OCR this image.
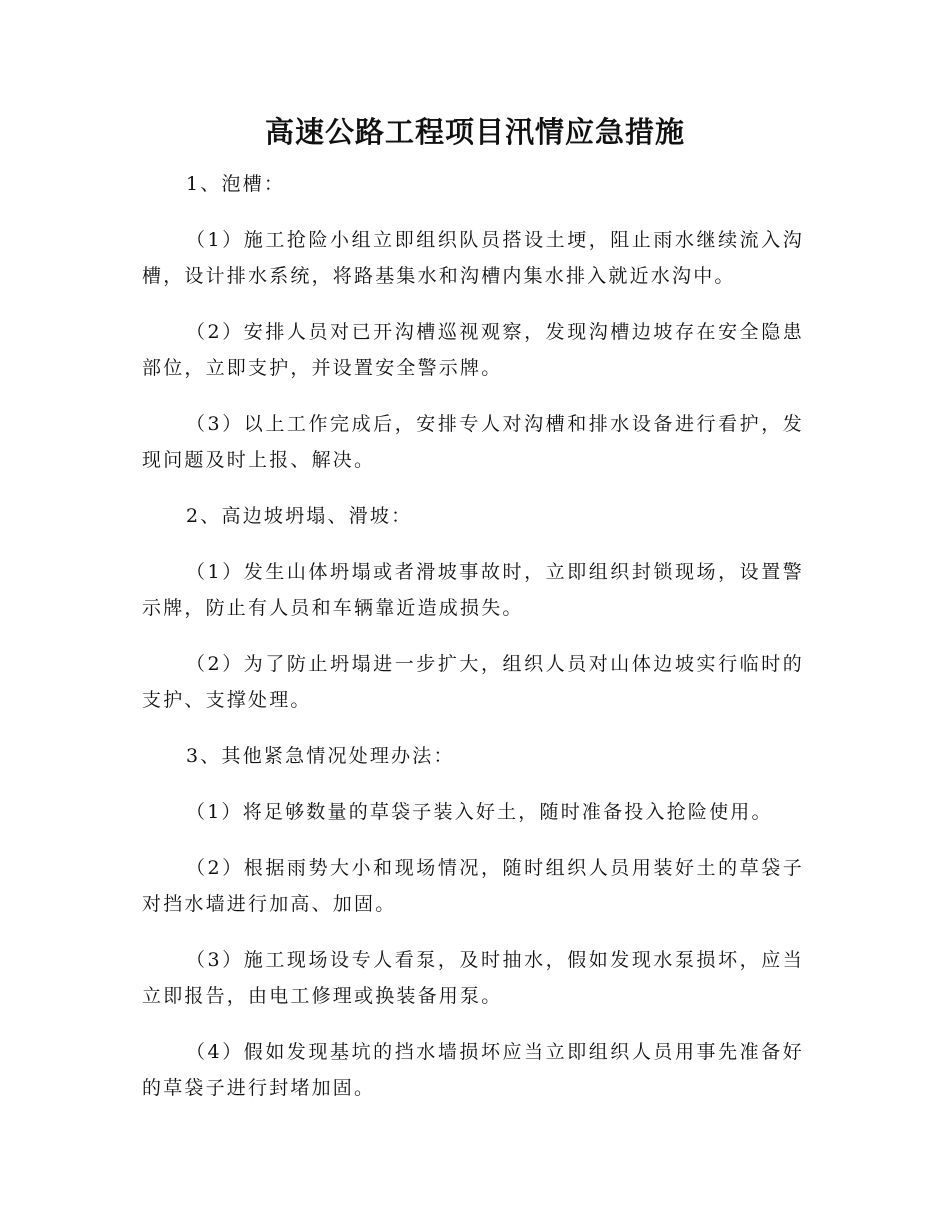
高速公路工程项目汛情应急措施

1、泡槽：

（1）施工抢险小组立即组织队员搭设土埂，阻止雨水继续流入沟槽，设计排水系统，将路基集水和沟槽内集水排入就近水沟中。

（2）安排人员对已开沟槽巡视观察，发现沟槽边坡存在安全隐患部位，立即支护，并设置安全警示牌。

（3）以上工作完成后，安排专人对沟槽和排水设备进行看护，发现问题及时上报、解决。

2、高边坡坍塌、滑坡：

（1）发生山体坍塌或者滑坡事故时，立即组织封锁现场，设置警示牌，防止有人员和车辆靠近造成损失。

（2）为了防止坍塌进一步扩大，组织人员对山体边坡实行临时的支护、支撑处理。

3、其他紧急情况处理办法：

（1）将足够数量的草袋子装入好土，随时准备投入抢险使用。

（2）根据雨势大小和现场情况，随时组织人员用装好土的草袋子对挡水墙进行加高、加固。

（3）施工现场设专人看泵，及时抽水，假如发现水泵损坏，应当立即报告，由电工修理或换装备用泵。

（4）假如发现基坑的挡水墙损坏应当立即组织人员用事先准备好的草袋子进行封堵加固。
